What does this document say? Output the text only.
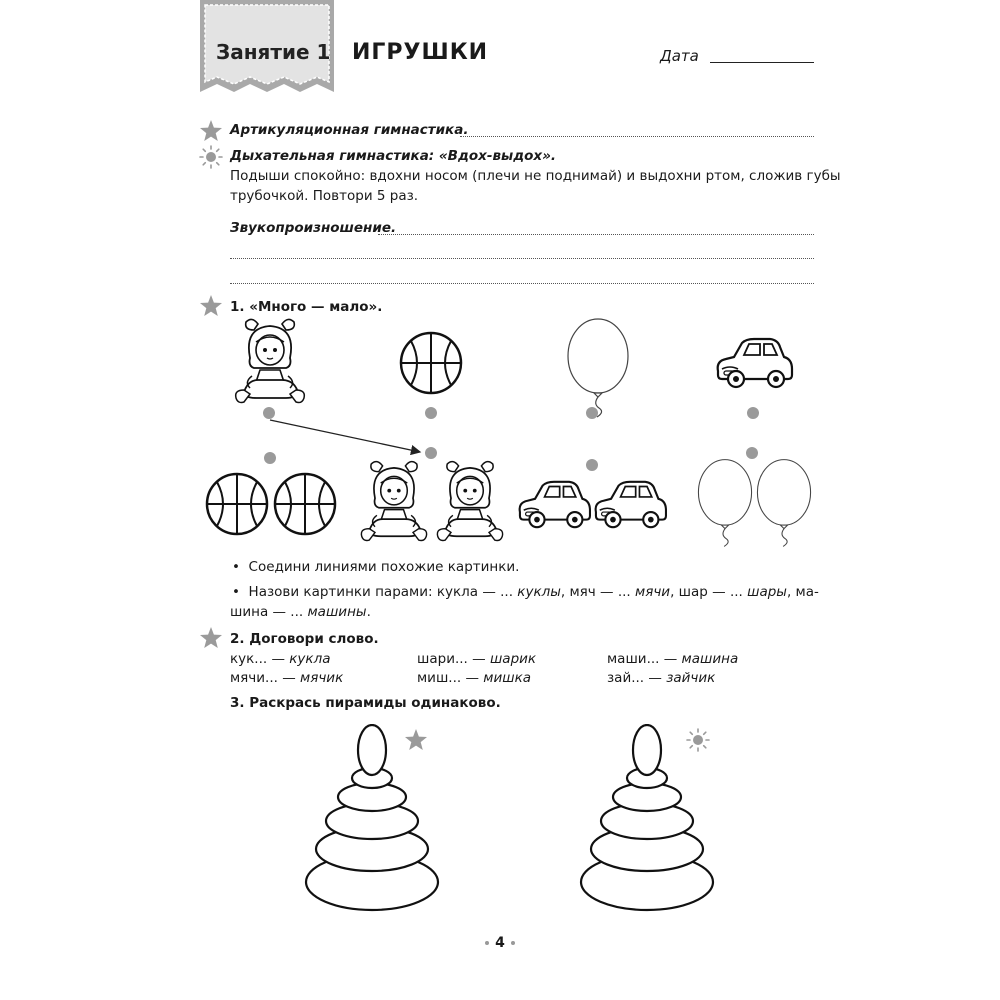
Занятие 1 ИГРУШКИ	Дата
Артикуляционная гимнастика.
Дыхательная гимнастика: «Вдох-выдох».
Подыши спокойно: вдохни носом (плечи не поднимай) и выдохни ртом, сложив губы
трубочкой. Повтори 5 раз.
Звукопроизношение.
1. «Много — мало».
•  Соедини линиями похожие картинки.
•  Назови картинки парами: кукла — ... куклы, мяч — ... мячи, шар — ... шары, ма-
шина — ... машины.
2. Договори слово.
кук... — кукла	шари... — шарик	маши... — машина
мячи... — мячик	миш... — мишка	зай... — зайчик
3. Раскрась пирамиды одинаково.
4
